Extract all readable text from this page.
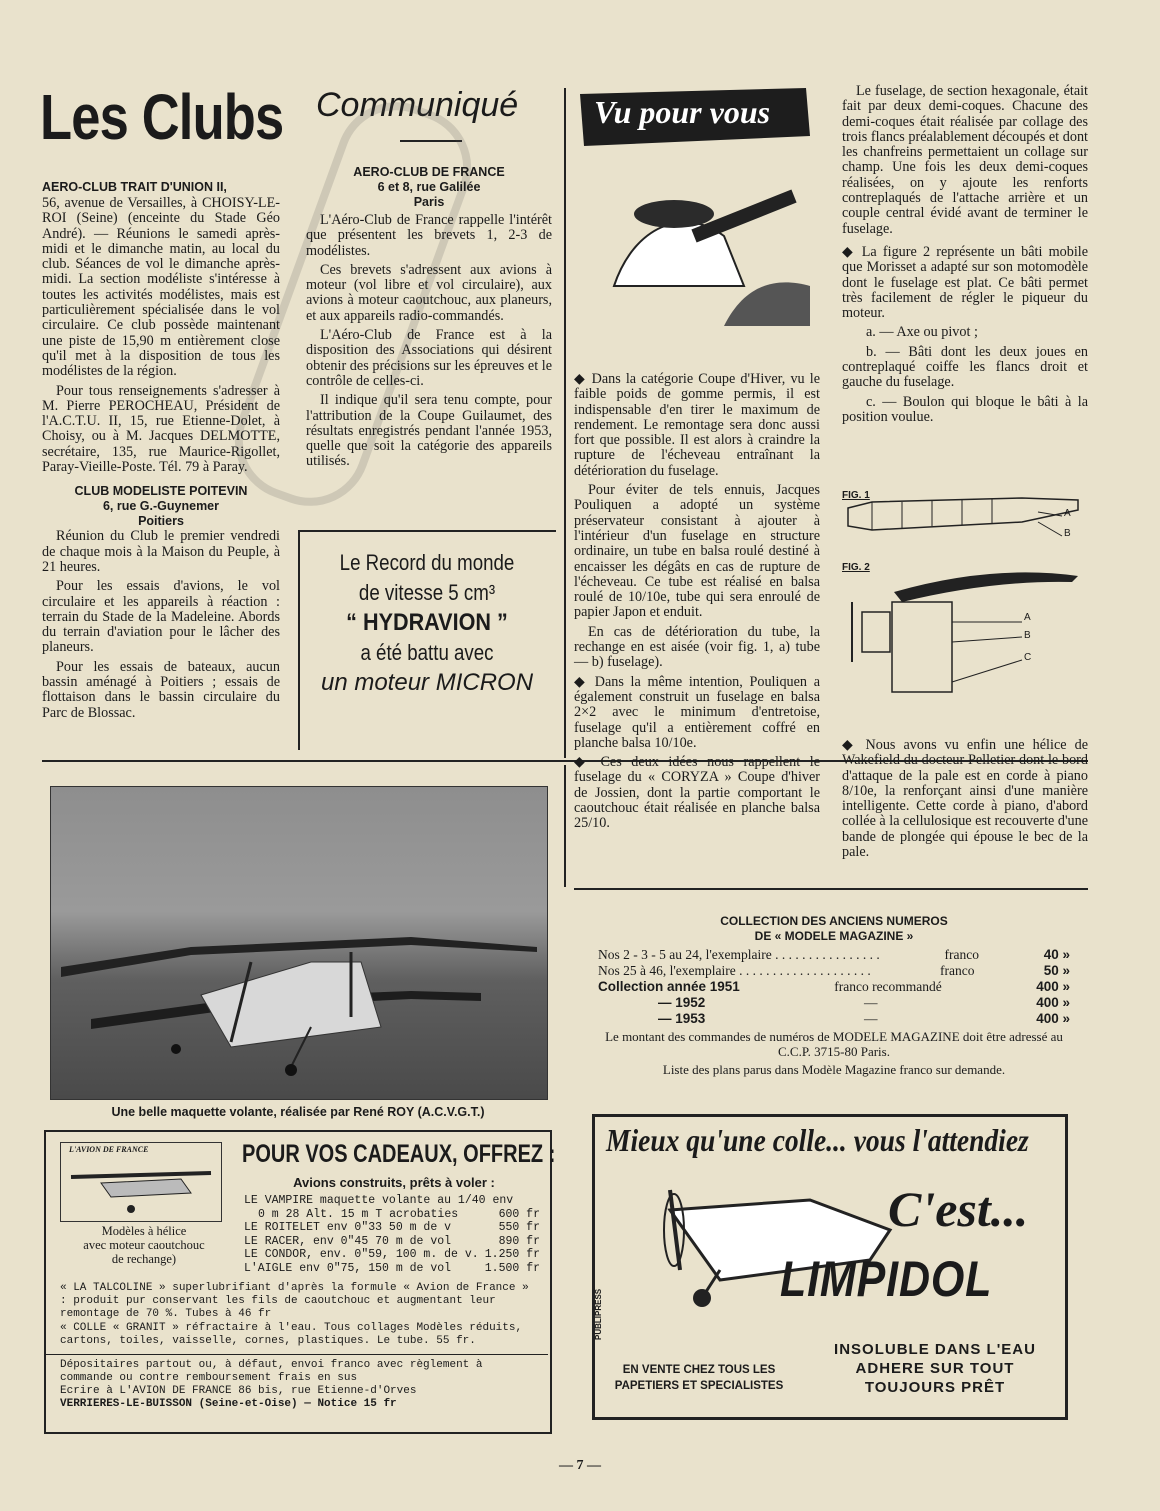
Les Clubs Communiqué
AERO-CLUB TRAIT D'UNION II,

56, avenue de Versailles, à CHOISY-LE-ROI (Seine) (enceinte du Stade Géo André). — Réunions le samedi après-midi et le dimanche matin, au local du club. Séances de vol le dimanche après-midi. La section modéliste s'intéresse à toutes les activités modélistes, mais est particulièrement spécialisée dans le vol circulaire. Ce club possède maintenant une piste de 15,90 m entièrement close qu'il met à la disposition de tous les modélistes de la région.

Pour tous renseignements s'adresser à M. Pierre PEROCHEAU, Président de l'A.C.T.U. II, 15, rue Etienne-Dolet, à Choisy, ou à M. Jacques DELMOTTE, secrétaire, 135, rue Maurice-Rigollet, Paray-Vieille-Poste. Tél. 79 à Paray.

CLUB MODELISTE POITEVIN
6, rue G.-Guynemer
Poitiers

Réunion du Club le premier vendredi de chaque mois à la Maison du Peuple, à 21 heures.

Pour les essais d'avions, le vol circulaire et les appareils à réaction : terrain du Stade de la Madeleine. Abords du terrain d'aviation pour le lâcher des planeurs.

Pour les essais de bateaux, aucun bassin aménagé à Poitiers ; essais de flottaison dans le bassin circulaire du Parc de Blossac.

AERO-CLUB DE FRANCE
6 et 8, rue Galilée
Paris

L'Aéro-Club de France rappelle l'intérêt que présentent les brevets 1, 2-3 de modélistes.

Ces brevets s'adressent aux avions à moteur (vol libre et vol circulaire), aux avions à moteur caoutchouc, aux planeurs, et aux appareils radio-commandés.

L'Aéro-Club de France est à la disposition des Associations qui désirent obtenir des précisions sur les épreuves et le contrôle de celles-ci.

Il indique qu'il sera tenu compte, pour l'attribution de la Coupe Guilaumet, des résultats enregistrés pendant l'année 1953, quelle que soit la catégorie des appareils utilisés.

Le Record du monde
de vitesse 5 cm³
“ HYDRAVION ”
a été battu avec
un moteur MICRON
Une belle maquette volante, réalisée par René ROY (A.C.V.G.T.)
Vu pour vous

◆ Dans la catégorie Coupe d'Hiver, vu le faible poids de gomme permis, il est indispensable d'en tirer le maximum de rendement. Le remontage sera donc aussi fort que possible. Il est alors à craindre la rupture de l'écheveau entraînant la détérioration du fuselage.

Pour éviter de tels ennuis, Jacques Pouliquen a adopté un système préservateur consistant à ajouter à l'intérieur d'un fuselage en structure ordinaire, un tube en balsa roulé destiné à encaisser les dégâts en cas de rupture de l'écheveau. Ce tube est réalisé en balsa roulé de 10/10e, tube qui sera enroulé de papier Japon et enduit.

En cas de détérioration du tube, la rechange en est aisée (voir fig. 1, a) tube — b) fuselage).

◆ Dans la même intention, Pouliquen a également construit un fuselage en balsa 2×2 avec le minimum d'entretoise, fuselage qu'il a entièrement coffré en planche balsa 10/10e.

◆ Ces deux idées nous rappellent le fuselage du « CORYZA » Coupe d'hiver de Jossien, dont la partie comportant le caoutchouc était réalisée en planche balsa 25/10.

Le fuselage, de section hexagonale, était fait par deux demi-coques. Chacune des demi-coques était réalisée par collage des trois flancs préalablement découpés et dont les chanfreins permettaient un collage sur champ. Une fois les deux demi-coques réalisées, on y ajoute les renforts contreplaqués de l'attache arrière et un couple central évidé avant de terminer le fuselage.

◆ La figure 2 représente un bâti mobile que Morisset a adapté sur son motomodèle dont le fuselage est plat. Ce bâti permet très facilement de régler le piqueur du moteur.

a. — Axe ou pivot ;

b. — Bâti dont les deux joues en contreplaqué coiffe les flancs droit et gauche du fuselage.

c. — Boulon qui bloque le bâti à la position voulue.

FIG. 1
A
B
FIG. 2
A
B
C

◆ Nous avons vu enfin une hélice de Wakefield du docteur Pelletier dont le bord d'attaque de la pale est en corde à piano 8/10e, la renforçant ainsi d'une manière intelligente. Cette corde à piano, d'abord collée à la cellulosique est recouverte d'une bande de plongée qui épouse le bec de la pale.

COLLECTION DES ANCIENS NUMEROS
DE « MODELE MAGAZINE »
Nos 2 - 3 - 5 au 24, l'exemplaire . . . . . . . . . . . . . . . .	franco	40 »
Nos 25 à 46, l'exemplaire . . . . . . . . . . . . . . . . . . . .	franco	50 »
Collection année 1951	franco recommandé	400 »
— 1952	—	400 »
— 1953	—	400 »
Le montant des commandes de numéros de MODELE MAGAZINE doit être adressé au C.C.P. 3715-80 Paris.
Liste des plans parus dans Modèle Magazine franco sur demande.
L'AVION DE FRANCE
Modèles à hélice
avec moteur caoutchouc
de rechange)
POUR VOS CADEAUX, OFFREZ :
Avions construits, prêts à voler :
LE VAMPIRE maquette volante au 1/40 env
0 m 28 Alt. 15 m T acrobaties	600 fr
LE ROITELET env 0"33 50 m de v	550 fr
LE RACER, env 0"45 70 m de vol	890 fr
LE CONDOR, env. 0"59, 100 m. de v. 1.250 fr
L'AIGLE env 0"75, 150 m de vol	1.500 fr
« LA TALCOLINE » superlubrifiant d'après la formule « Avion de France » : produit pur conservant les fils de caoutchouc et augmentant leur remontage de 70 %. Tubes à 46 fr
« COLLE « GRANIT » réfractaire à l'eau. Tous collages Modèles réduits, cartons, toiles, vaisselle, cornes, plastiques. Le tube. 55 fr.
Dépositaires partout ou, à défaut, envoi franco avec règlement à commande ou contre remboursement frais en sus
Ecrire à L'AVION DE FRANCE 86 bis, rue Etienne-d'Orves
VERRIERES-LE-BUISSON (Seine-et-Oise) — Notice 15 fr
Mieux qu'une colle... vous l'attendiez
C'est...
LIMPIDOL
PUBLIPRESS
EN VENTE CHEZ TOUS LES
PAPETIERS ET SPECIALISTES
INSOLUBLE DANS L'EAU
ADHERE SUR TOUT
TOUJOURS PRÊT
— 7 —
